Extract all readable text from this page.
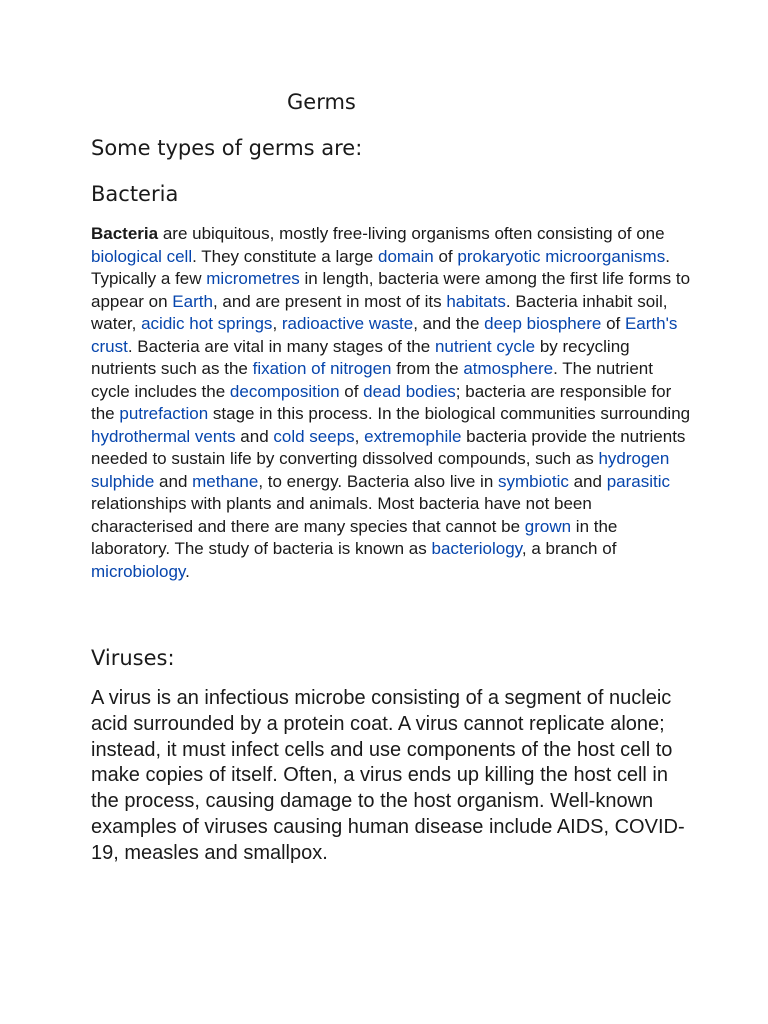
Germs
Some types of germs are:
Bacteria

Bacteria are ubiquitous, mostly free-living organisms often consisting of one biological cell. They constitute a large domain of prokaryotic microorganisms. Typically a few micrometres in length, bacteria were among the first life forms to appear on Earth, and are present in most of its habitats. Bacteria inhabit soil, water, acidic hot springs, radioactive waste, and the deep biosphere of Earth's crust. Bacteria are vital in many stages of the nutrient cycle by recycling nutrients such as the fixation of nitrogen from the atmosphere. The nutrient cycle includes the decomposition of dead bodies; bacteria are responsible for the putrefaction stage in this process. In the biological communities surrounding hydrothermal vents and cold seeps, extremophile bacteria provide the nutrients needed to sustain life by converting dissolved compounds, such as hydrogen sulphide and methane, to energy. Bacteria also live in symbiotic and parasitic relationships with plants and animals. Most bacteria have not been characterised and there are many species that cannot be grown in the laboratory. The study of bacteria is known as bacteriology, a branch of microbiology.

Viruses:

A virus is an infectious microbe consisting of a segment of nucleic acid surrounded by a protein coat. A virus cannot replicate alone; instead, it must infect cells and use components of the host cell to make copies of itself. Often, a virus ends up killing the host cell in the process, causing damage to the host organism. Well-known examples of viruses causing human disease include AIDS, COVID-19, measles and smallpox.
